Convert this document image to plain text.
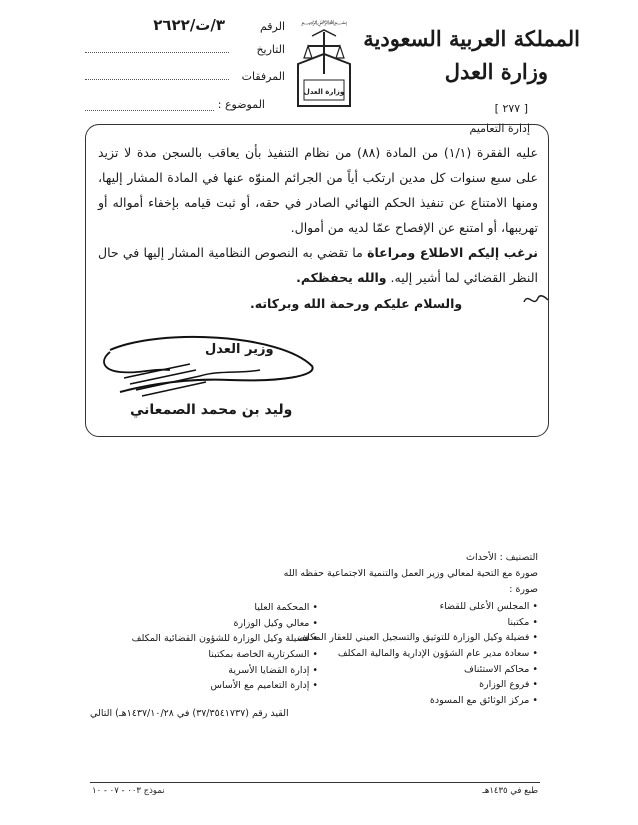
المملكة العربية السعودية
وزارة العدل
[ ٢٧٧ ]
إدارة التعاميم
﷽
وزارة العدل
الرقم
٣/ت/٢٦٢٢
التاريخ
المرفقات
الموضوع :

عليه الفقرة (١/١) من المادة (٨٨) من نظام التنفيذ بأن يعاقب بالسجن مدة لا تزيد على سبع سنوات كل مدين ارتكب أياً من الجرائم المنوّه عنها في المادة المشار إليها، ومنها الامتناع عن تنفيذ الحكم النهائي الصادر في حقه، أو ثبت قيامه بإخفاء أمواله أو تهريبها، أو امتنع عن الإفصاح عمّا لديه من أموال.

نرغب إليكم الاطلاع ومراعاة ما تقضي به النصوص النظامية المشار إليها في حال النظر القضائي لما أشير إليه. والله يحفظكم.

والسلام عليكم ورحمة الله وبركاته.
وزير العدل
وليد بن محمد الصمعاني
التصنيف : الأحداث
صورة مع التحية لمعالي وزير العمل والتنمية الاجتماعية حفظه الله
صورة :
• المجلس الأعلى للقضاء
• مكتبنا
• فضيلة وكيل الوزارة للتوثيق والتسجيل العيني للعقار المكلف
• سعادة مدير عام الشؤون الإدارية والمالية المكلف
• محاكم الاستئناف
• فروع الوزارة
• مركز الوثائق مع المسودة
• المحكمة العليا
• معالي وكيل الوزارة
• فضيلة وكيل الوزارة للشؤون القضائية المكلف
• السكرتارية الخاصة بمكتبنا
• إدارة القضايا الأسرية
• إدارة التعاميم مع الأساس
القيد رقم (٣٧/٣٥٤١٧٣٧) في ١٤٣٧/١٠/٢٨هـ) التالي
نموذج ٠٠٣ - ٠٧ - ١٠	طبع في ١٤٣٥هـ
